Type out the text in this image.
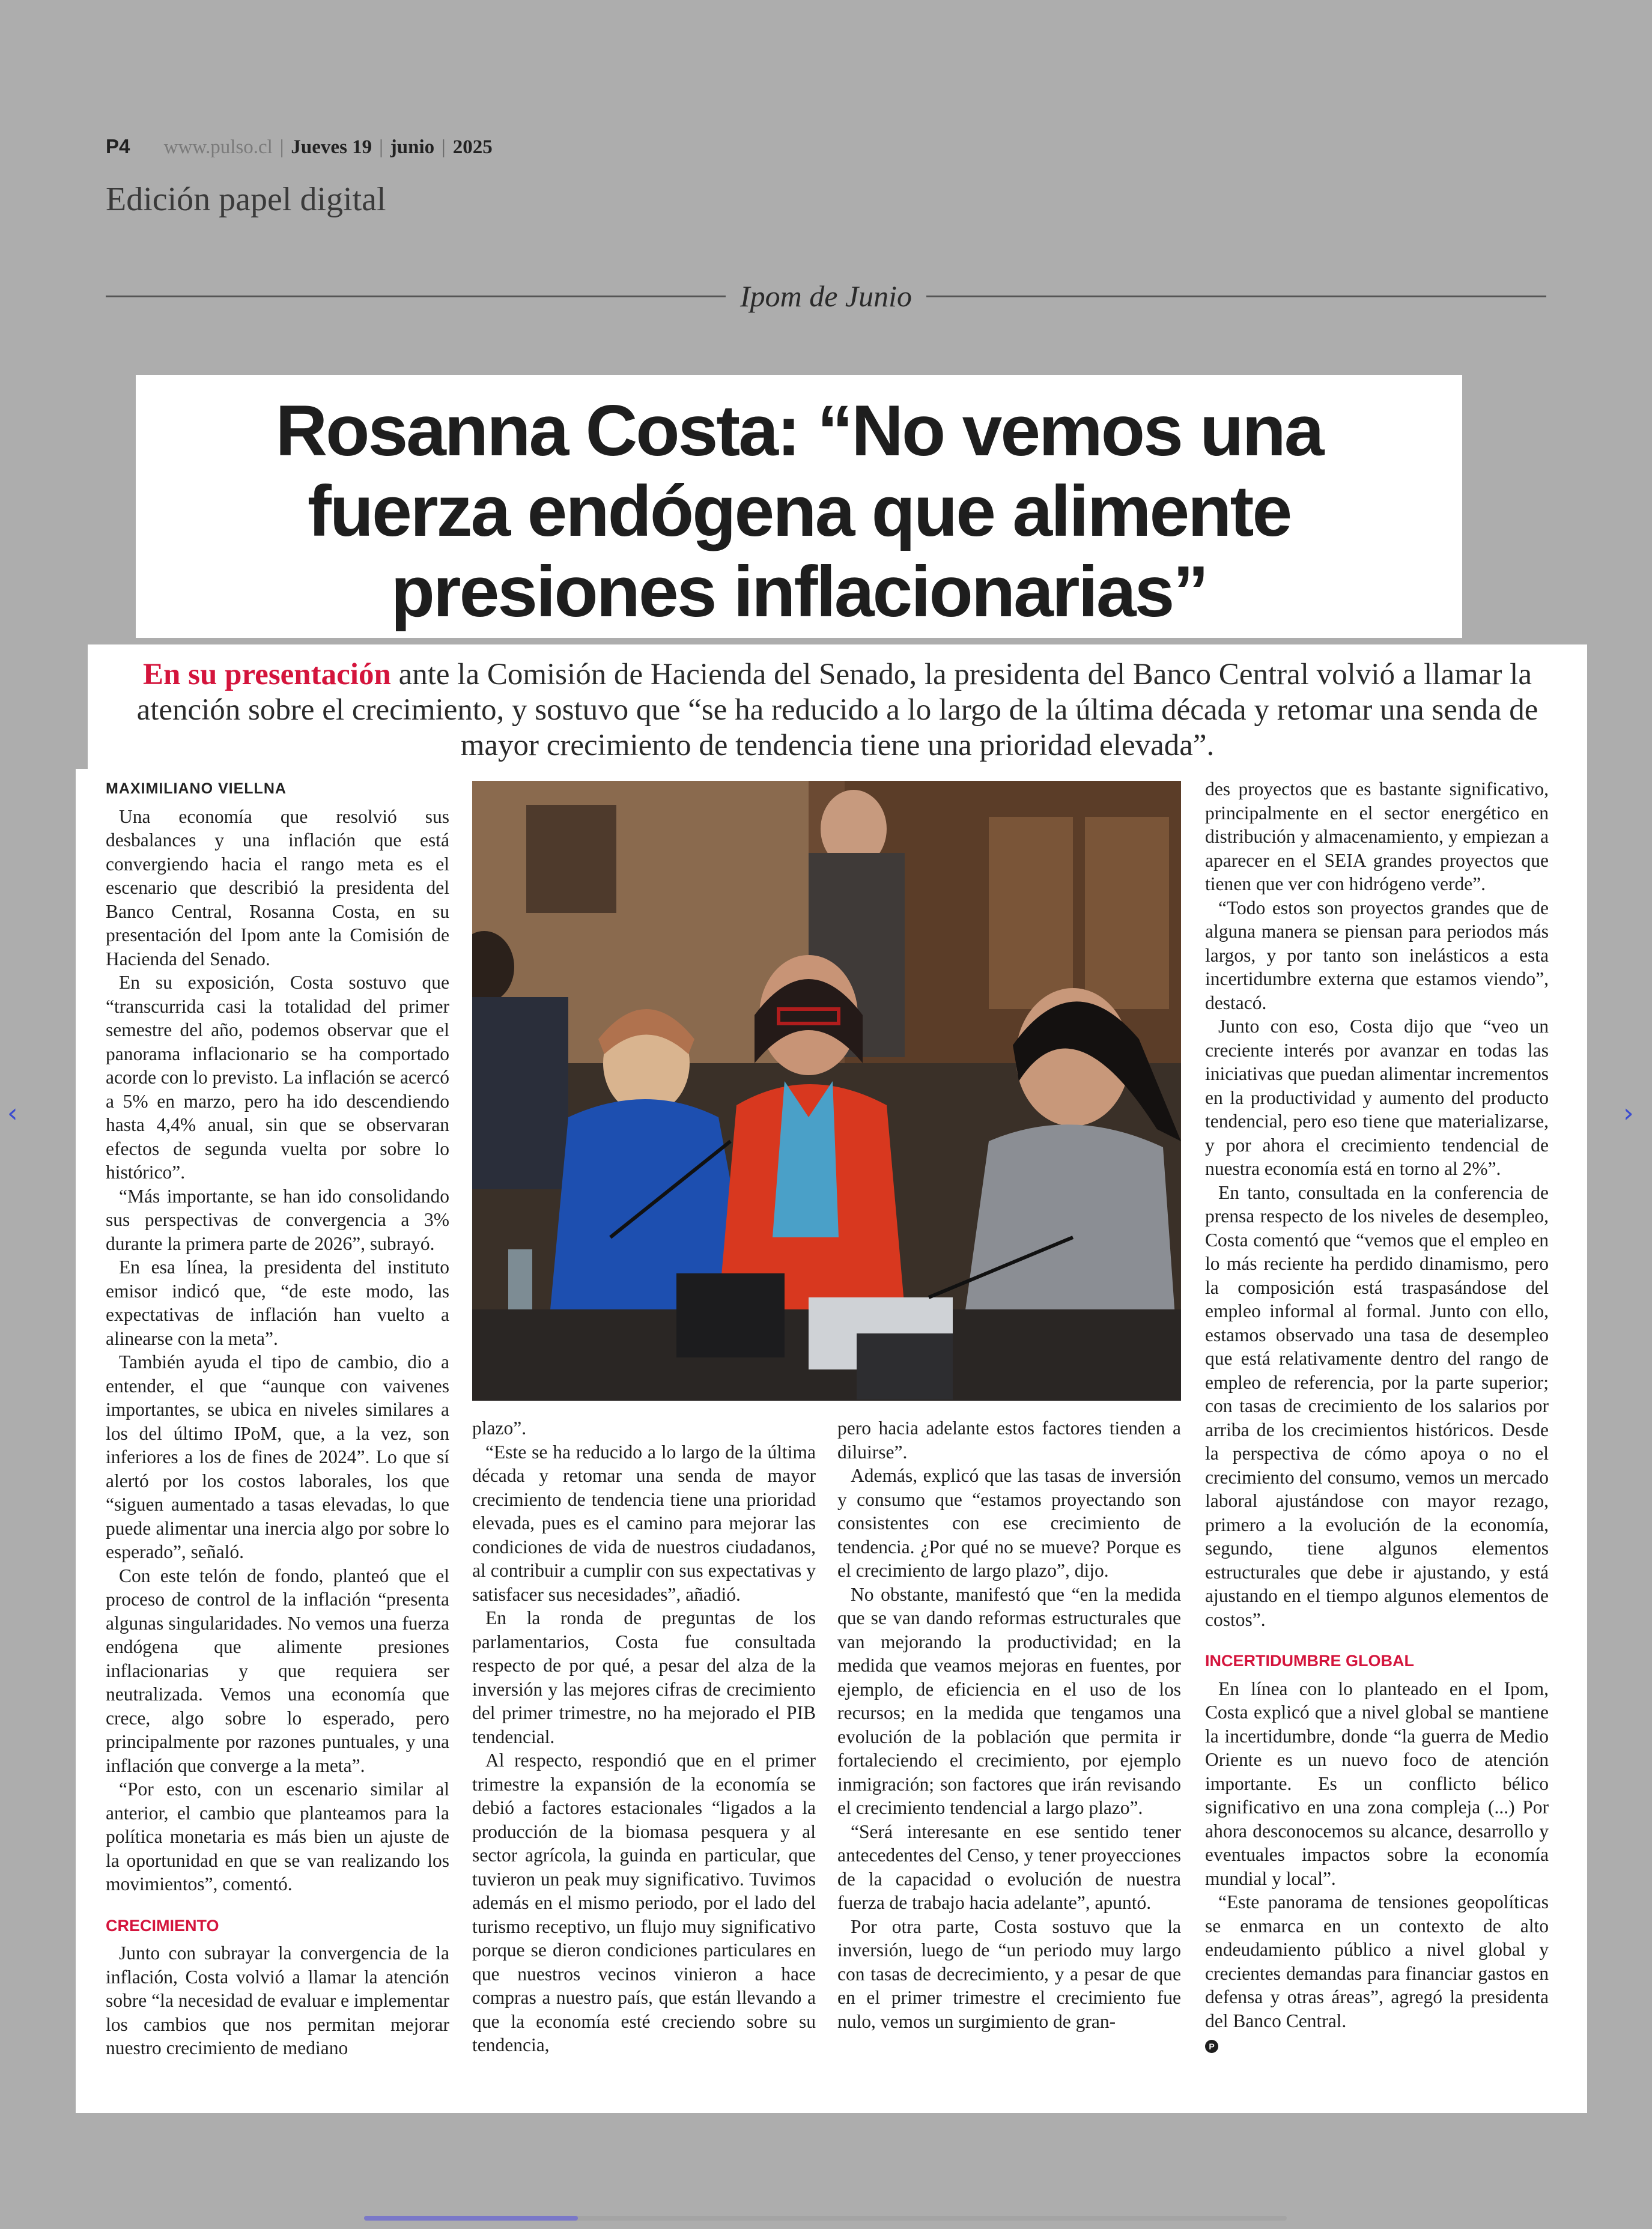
P4 www.pulso.cl | Jueves 19 | junio | 2025
Edición papel digital
Ipom de Junio
Rosanna Costa: “No vemos una fuerza endógena que alimente presiones inflacionarias”

En su presentación ante la Comisión de Hacienda del Senado, la presidenta del Banco Central volvió a llamar la atención sobre el crecimiento, y sostuvo que “se ha reducido a lo largo de la última década y retomar una senda de mayor crecimiento de tendencia tiene una prioridad elevada”.

MAXIMILIANO VIELLNA

Una economía que resolvió sus desbalances y una inflación que está convergiendo hacia el rango meta es el escenario que describió la presidenta del Banco Central, Rosanna Costa, en su presentación del Ipom ante la Comisión de Hacienda del Senado.

En su exposición, Costa sostuvo que “transcurrida casi la totalidad del primer semestre del año, podemos observar que el panorama inflacionario se ha comportado acorde con lo previsto. La inflación se acercó a 5% en marzo, pero ha ido descendiendo hasta 4,4% anual, sin que se observaran efectos de segunda vuelta por sobre lo histórico”.

“Más importante, se han ido consolidando sus perspectivas de convergencia a 3% durante la primera parte de 2026”, subrayó.

En esa línea, la presidenta del instituto emisor indicó que, “de este modo, las expectativas de inflación han vuelto a alinearse con la meta”.

También ayuda el tipo de cambio, dio a entender, el que “aunque con vaivenes importantes, se ubica en niveles similares a los del último IPoM, que, a la vez, son inferiores a los de fines de 2024”. Lo que sí alertó por los costos laborales, los que “siguen aumentado a tasas elevadas, lo que puede alimentar una inercia algo por sobre lo esperado”, señaló.

Con este telón de fondo, planteó que el proceso de control de la inflación “presenta algunas singularidades. No vemos una fuerza endógena que alimente presiones inflacionarias y que requiera ser neutralizada. Vemos una economía que crece, algo sobre lo esperado, pero principalmente por razones puntuales, y una inflación que converge a la meta”.

“Por esto, con un escenario similar al anterior, el cambio que planteamos para la política monetaria es más bien un ajuste de la oportunidad en que se van realizando los movimientos”, comentó.

CRECIMIENTO

Junto con subrayar la convergencia de la inflación, Costa volvió a llamar la atención sobre “la necesidad de evaluar e implementar los cambios que nos permitan mejorar nuestro crecimiento de mediano

plazo”.

“Este se ha reducido a lo largo de la última década y retomar una senda de mayor crecimiento de tendencia tiene una prioridad elevada, pues es el camino para mejorar las condiciones de vida de nuestros ciudadanos, al contribuir a cumplir con sus expectativas y satisfacer sus necesidades”, añadió.

En la ronda de preguntas de los parlamentarios, Costa fue consultada respecto de por qué, a pesar del alza de la inversión y las mejores cifras de crecimiento del primer trimestre, no ha mejorado el PIB tendencial.

Al respecto, respondió que en el primer trimestre la expansión de la economía se debió a factores estacionales “ligados a la producción de la biomasa pesquera y al sector agrícola, la guinda en particular, que tuvieron un peak muy significativo. Tuvimos además en el mismo periodo, por el lado del turismo receptivo, un flujo muy significativo porque se dieron condiciones particulares en que nuestros vecinos vinieron a hace compras a nuestro país, que están llevando a que la economía esté creciendo sobre su tendencia,

pero hacia adelante estos factores tienden a diluirse”.

Además, explicó que las tasas de inversión y consumo que “estamos proyectando son consistentes con ese crecimiento de tendencia. ¿Por qué no se mueve? Porque es el crecimiento de largo plazo”, dijo.

No obstante, manifestó que “en la medida que se van dando reformas estructurales que van mejorando la productividad; en la medida que veamos mejoras en fuentes, por ejemplo, de eficiencia en el uso de los recursos; en la medida que tengamos una evolución de la población que permita ir fortaleciendo el crecimiento, por ejemplo inmigración; son factores que irán revisando el crecimiento tendencial a largo plazo”.

“Será interesante en ese sentido tener antecedentes del Censo, y tener proyecciones de la capacidad o evolución de nuestra fuerza de trabajo hacia adelante”, apuntó.

Por otra parte, Costa sostuvo que la inversión, luego de “un periodo muy largo con tasas de decrecimiento, y a pesar de que en el primer trimestre el crecimiento fue nulo, vemos un surgimiento de gran-

des proyectos que es bastante significativo, principalmente en el sector energético en distribución y almacenamiento, y empiezan a aparecer en el SEIA grandes proyectos que tienen que ver con hidrógeno verde”.

“Todo estos son proyectos grandes que de alguna manera se piensan para periodos más largos, y por tanto son inelásticos a esta incertidumbre externa que estamos viendo”, destacó.

Junto con eso, Costa dijo que “veo un creciente interés por avanzar en todas las iniciativas que puedan alimentar incrementos en la productividad y aumento del producto tendencial, pero eso tiene que materializarse, y por ahora el crecimiento tendencial de nuestra economía está en torno al 2%”.

En tanto, consultada en la conferencia de prensa respecto de los niveles de desempleo, Costa comentó que “vemos que el empleo en lo más reciente ha perdido dinamismo, pero la composición está traspasándose del empleo informal al formal. Junto con ello, estamos observado una tasa de desempleo que está relativamente dentro del rango de empleo de referencia, por la parte superior; con tasas de crecimiento de los salarios por arriba de los crecimientos históricos. Desde la perspectiva de cómo apoya o no el crecimiento del consumo, vemos un mercado laboral ajustándose con mayor rezago, primero a la evolución de la economía, segundo, tiene algunos elementos estructurales que debe ir ajustando, y está ajustando en el tiempo algunos elementos de costos”.

INCERTIDUMBRE GLOBAL

En línea con lo planteado en el Ipom, Costa explicó que a nivel global se mantiene la incertidumbre, donde “la guerra de Medio Oriente es un nuevo foco de atención importante. Es un conflicto bélico significativo en una zona compleja (...) Por ahora desconocemos su alcance, desarrollo y eventuales impactos sobre la economía mundial y local”.

“Este panorama de tensiones geopolíticas se enmarca en un contexto de alto endeudamiento público a nivel global y crecientes demandas para financiar gastos en defensa y otras áreas”, agregó la presidenta del Banco Central.

P
‹	›
